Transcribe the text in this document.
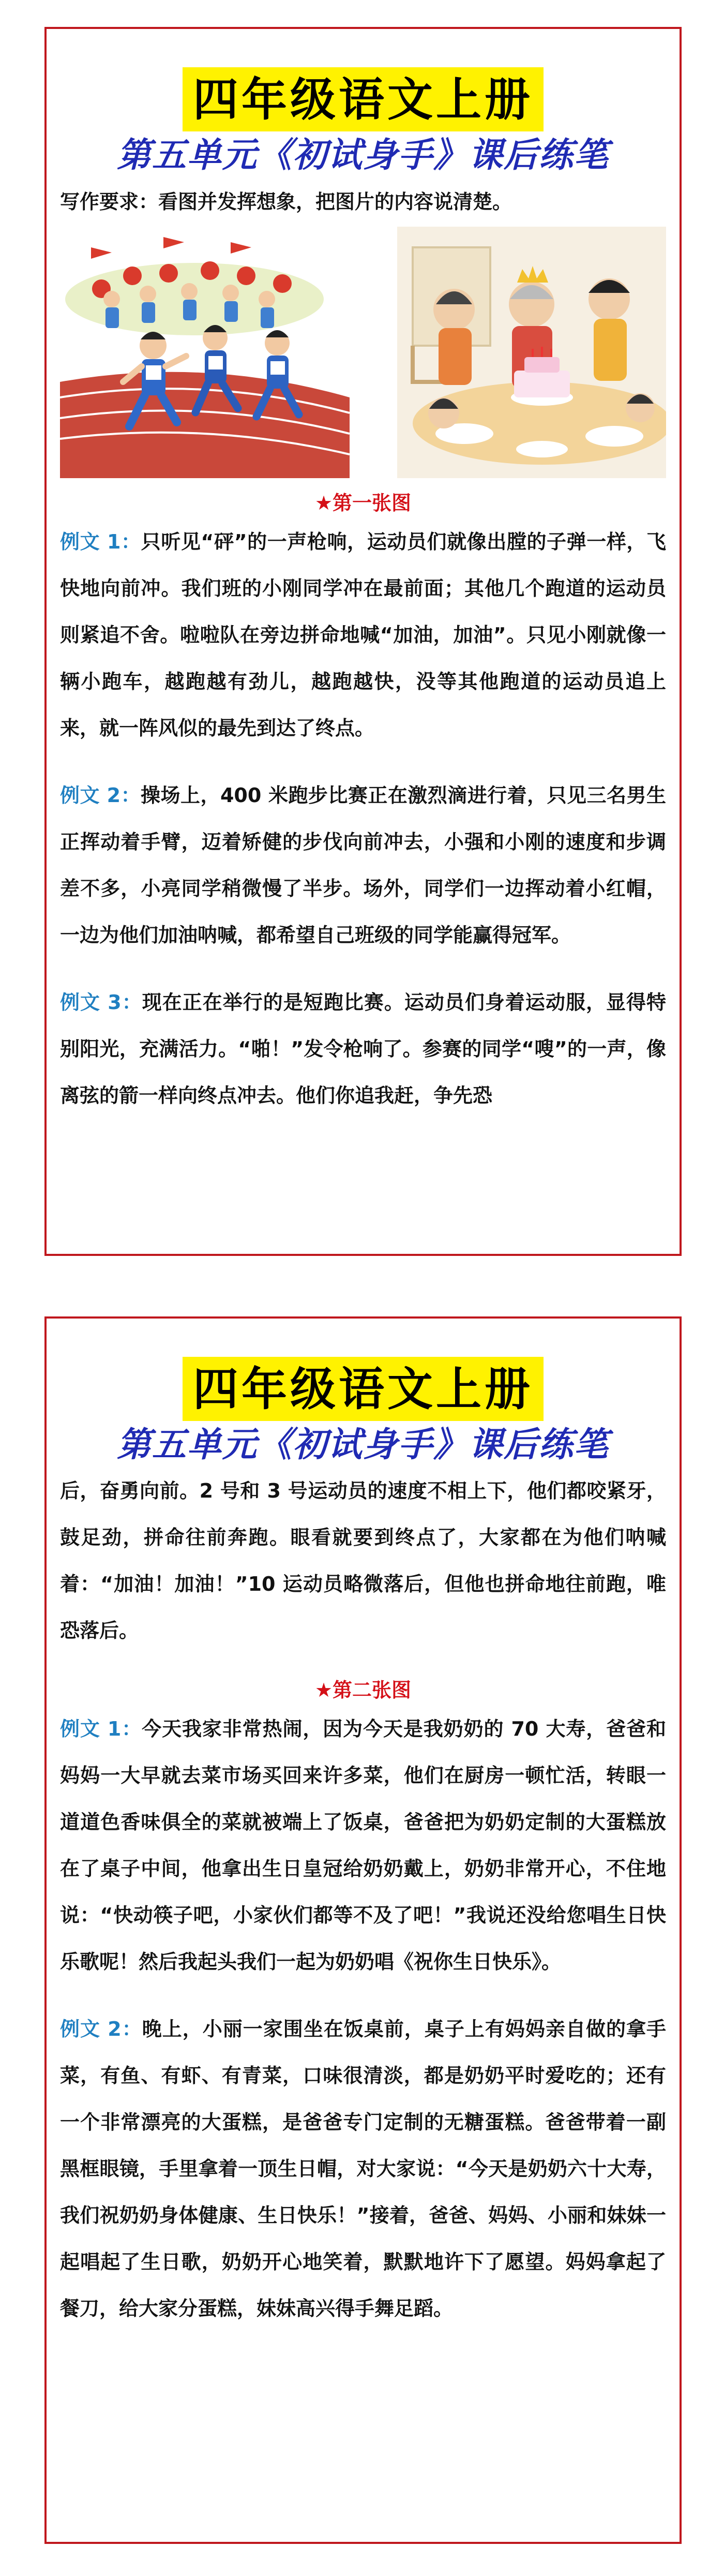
四年级语文上册
第五单元《初试身手》课后练笔
写作要求：看图并发挥想象，把图片的内容说清楚。
★第一张图

例文 1：只听见“砰”的一声枪响，运动员们就像出膛的子弹一样，飞快地向前冲。我们班的小刚同学冲在最前面；其他几个跑道的运动员则紧追不舍。啦啦队在旁边拼命地喊“加油，加油”。只见小刚就像一辆小跑车，越跑越有劲儿，越跑越快，没等其他跑道的运动员追上来，就一阵风似的最先到达了终点。

例文 2：操场上，400 米跑步比赛正在激烈滴进行着，只见三名男生正挥动着手臂，迈着矫健的步伐向前冲去，小强和小刚的速度和步调差不多，小亮同学稍微慢了半步。场外，同学们一边挥动着小红帽，一边为他们加油呐喊，都希望自己班级的同学能赢得冠军。

例文 3：现在正在举行的是短跑比赛。运动员们身着运动服，显得特别阳光，充满活力。“啪！”发令枪响了。参赛的同学“嗖”的一声，像离弦的箭一样向终点冲去。他们你追我赶，争先恐

四年级语文上册
第五单元《初试身手》课后练笔

后，奋勇向前。2 号和 3 号运动员的速度不相上下，他们都咬紧牙，鼓足劲，拼命往前奔跑。眼看就要到终点了，大家都在为他们呐喊着：“加油！加油！”10 运动员略微落后，但他也拼命地往前跑，唯恐落后。

★第二张图

例文 1：今天我家非常热闹，因为今天是我奶奶的 70 大寿，爸爸和妈妈一大早就去菜市场买回来许多菜，他们在厨房一顿忙活，转眼一道道色香味俱全的菜就被端上了饭桌，爸爸把为奶奶定制的大蛋糕放在了桌子中间，他拿出生日皇冠给奶奶戴上，奶奶非常开心，不住地说：“快动筷子吧，小家伙们都等不及了吧！”我说还没给您唱生日快乐歌呢！然后我起头我们一起为奶奶唱《祝你生日快乐》。

例文 2：晚上，小丽一家围坐在饭桌前，桌子上有妈妈亲自做的拿手菜，有鱼、有虾、有青菜，口味很清淡，都是奶奶平时爱吃的；还有一个非常漂亮的大蛋糕，是爸爸专门定制的无糖蛋糕。爸爸带着一副黑框眼镜，手里拿着一顶生日帽，对大家说：“今天是奶奶六十大寿，我们祝奶奶身体健康、生日快乐！”接着，爸爸、妈妈、小丽和妹妹一起唱起了生日歌，奶奶开心地笑着，默默地许下了愿望。妈妈拿起了餐刀，给大家分蛋糕，妹妹高兴得手舞足蹈。
